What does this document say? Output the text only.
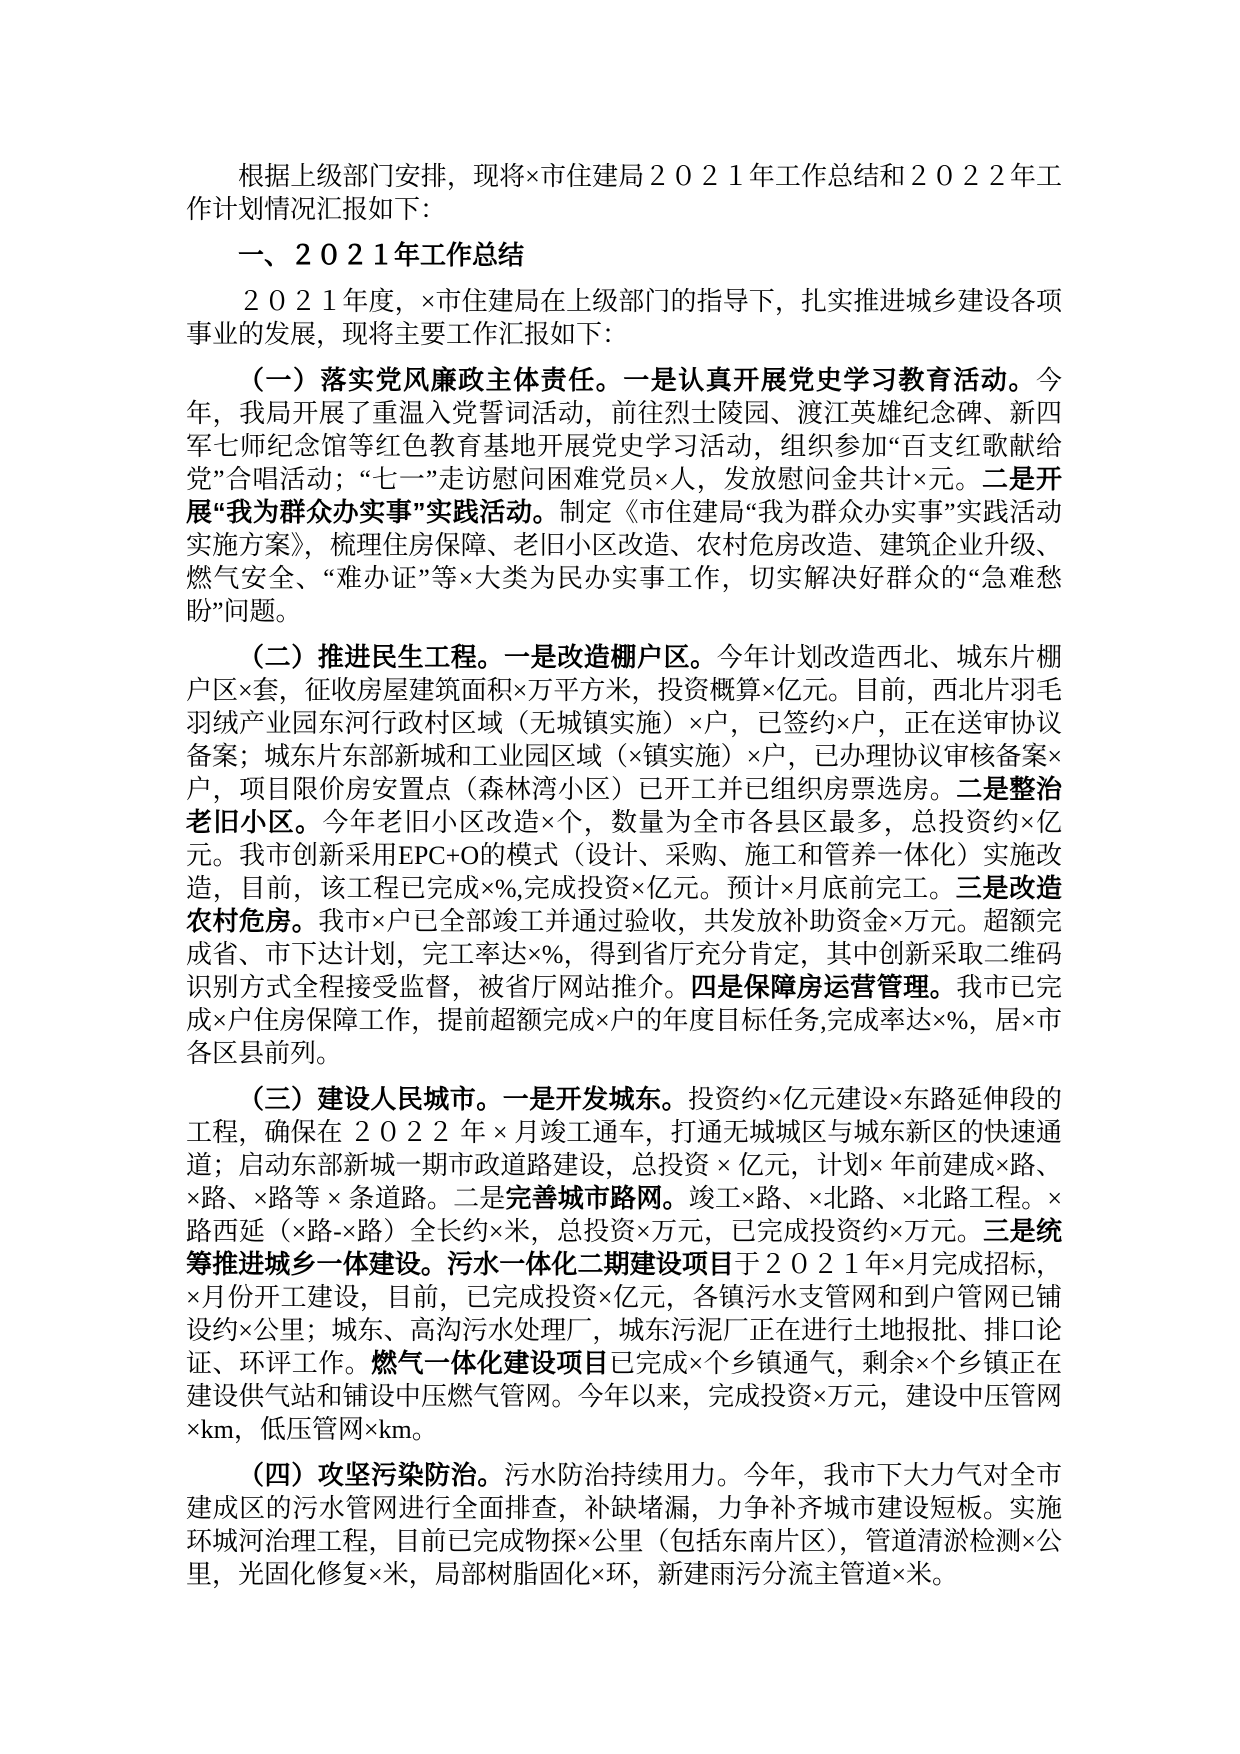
根据上级部门安排，现将×市住建局２０２１年工作总结和２０２２年工作计划情况汇报如下：

一、２０２１年工作总结

２０２１年度，×市住建局在上级部门的指导下，扎实推进城乡建设各项事业的发展，现将主要工作汇报如下：

（一）落实党风廉政主体责任。一是认真开展党史学习教育活动。今年，我局开展了重温入党誓词活动，前往烈士陵园、渡江英雄纪念碑、新四军七师纪念馆等红色教育基地开展党史学习活动，组织参加“百支红歌献给党”合唱活动；“七一”走访慰问困难党员×人，发放慰问金共计×元。二是开展“我为群众办实事”实践活动。制定《市住建局“我为群众办实事”实践活动实施方案》，梳理住房保障、老旧小区改造、农村危房改造、建筑企业升级、燃气安全、“难办证”等×大类为民办实事工作，切实解决好群众的“急难愁盼”问题。

（二）推进民生工程。一是改造棚户区。今年计划改造西北、城东片棚户区×套，征收房屋建筑面积×万平方米，投资概算×亿元。目前，西北片羽毛羽绒产业园东河行政村区域（无城镇实施）×户，已签约×户，正在送审协议备案；城东片东部新城和工业园区域（×镇实施）×户，已办理协议审核备案×户，项目限价房安置点（森林湾小区）已开工并已组织房票选房。二是整治老旧小区。今年老旧小区改造×个，数量为全市各县区最多，总投资约×亿元。我市创新采用EPC+O的模式（设计、采购、施工和管养一体化）实施改造，目前，该工程已完成×%,完成投资×亿元。预计×月底前完工。三是改造农村危房。我市×户已全部竣工并通过验收，共发放补助资金×万元。超额完成省、市下达计划，完工率达×%，得到省厅充分肯定，其中创新采取二维码识别方式全程接受监督，被省厅网站推介。四是保障房运营管理。我市已完成×户住房保障工作，提前超额完成×户的年度目标任务,完成率达×%，居×市各区县前列。

（三）建设人民城市。一是开发城东。投资约×亿元建设×东路延伸段的工程，确保在 ２０２２ 年 × 月竣工通车，打通无城城区与城东新区的快速通道；启动东部新城一期市政道路建设，总投资 × 亿元，计划× 年前建成×路、×路、×路等 × 条道路。二是完善城市路网。竣工×路、×北路、×北路工程。×路西延（×路-×路）全长约×米，总投资×万元，已完成投资约×万元。三是统筹推进城乡一体建设。污水一体化二期建设项目于２０２１年×月完成招标，×月份开工建设，目前，已完成投资×亿元，各镇污水支管网和到户管网已铺设约×公里；城东、高沟污水处理厂，城东污泥厂正在进行土地报批、排口论证、环评工作。燃气一体化建设项目已完成×个乡镇通气，剩余×个乡镇正在建设供气站和铺设中压燃气管网。今年以来，完成投资×万元，建设中压管网×km，低压管网×km。

（四）攻坚污染防治。污水防治持续用力。今年，我市下大力气对全市建成区的污水管网进行全面排查，补缺堵漏，力争补齐城市建设短板。实施环城河治理工程，目前已完成物探×公里（包括东南片区），管道清淤检测×公里，光固化修复×米，局部树脂固化×环，新建雨污分流主管道×米。
